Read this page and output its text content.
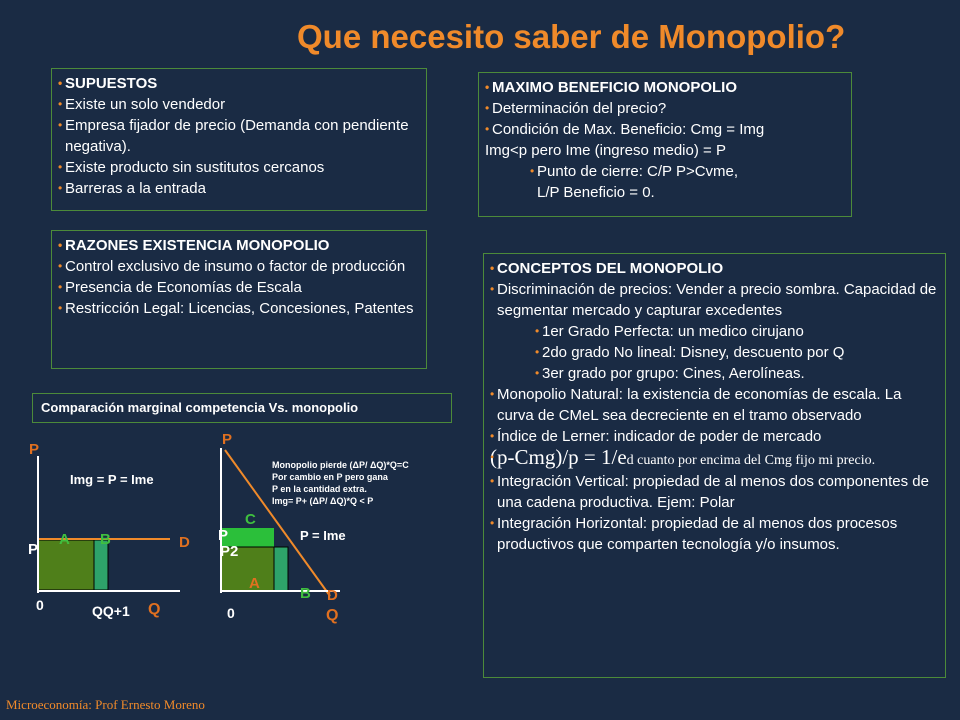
Que necesito saber de Monopolio?
• SUPUESTOS
• Existe un solo vendedor
• Empresa fijador de precio (Demanda con pendiente negativa).
• Existe producto sin sustitutos cercanos
• Barreras a la entrada
• RAZONES EXISTENCIA MONOPOLIO
• Control exclusivo de insumo o factor de producción
• Presencia de Economías de Escala
• Restricción Legal: Licencias, Concesiones, Patentes
• MAXIMO BENEFICIO MONOPOLIO
• Determinación del precio?
• Condición de Max. Beneficio: Cmg = Img
Img<p pero Ime (ingreso medio) = P
• Punto de cierre: C/P P>Cvme,
L/P Beneficio = 0.
• CONCEPTOS DEL MONOPOLIO
• Discriminación de precios: Vender a precio sombra. Capacidad de segmentar mercado y capturar excedentes
• 1er Grado Perfecta: un medico cirujano
• 2do grado No lineal: Disney, descuento por Q
• 3er grado por grupo: Cines, Aerolíneas.
• Monopolio Natural: la existencia de economías de escala. La curva de CMeL sea decreciente en el tramo observado
• Índice de Lerner: indicador de poder de mercado
• (p-Cmg)/p = 1/ed cuanto por encima del Cmg fijo mi precio.
• Integración Vertical: propiedad de al menos dos componentes de una cadena productiva. Ejem: Polar
• Integración Horizontal: propiedad de al menos dos procesos productivos que comparten tecnología y/o insumos.
Comparación marginal competencia Vs. monopolio
P
Img = P = Ime
A B	D
P
0	QQ+1 Q
P
Monopolio pierde (ΔP/ ΔQ)*Q=C
Por cambio en P pero gana
P en la cantidad extra.
Img= P+ (ΔP/ ΔQ)*Q < P
C
P	P = Ime
P2
A
B D
0	Q
Microeconomía: Prof Ernesto Moreno
